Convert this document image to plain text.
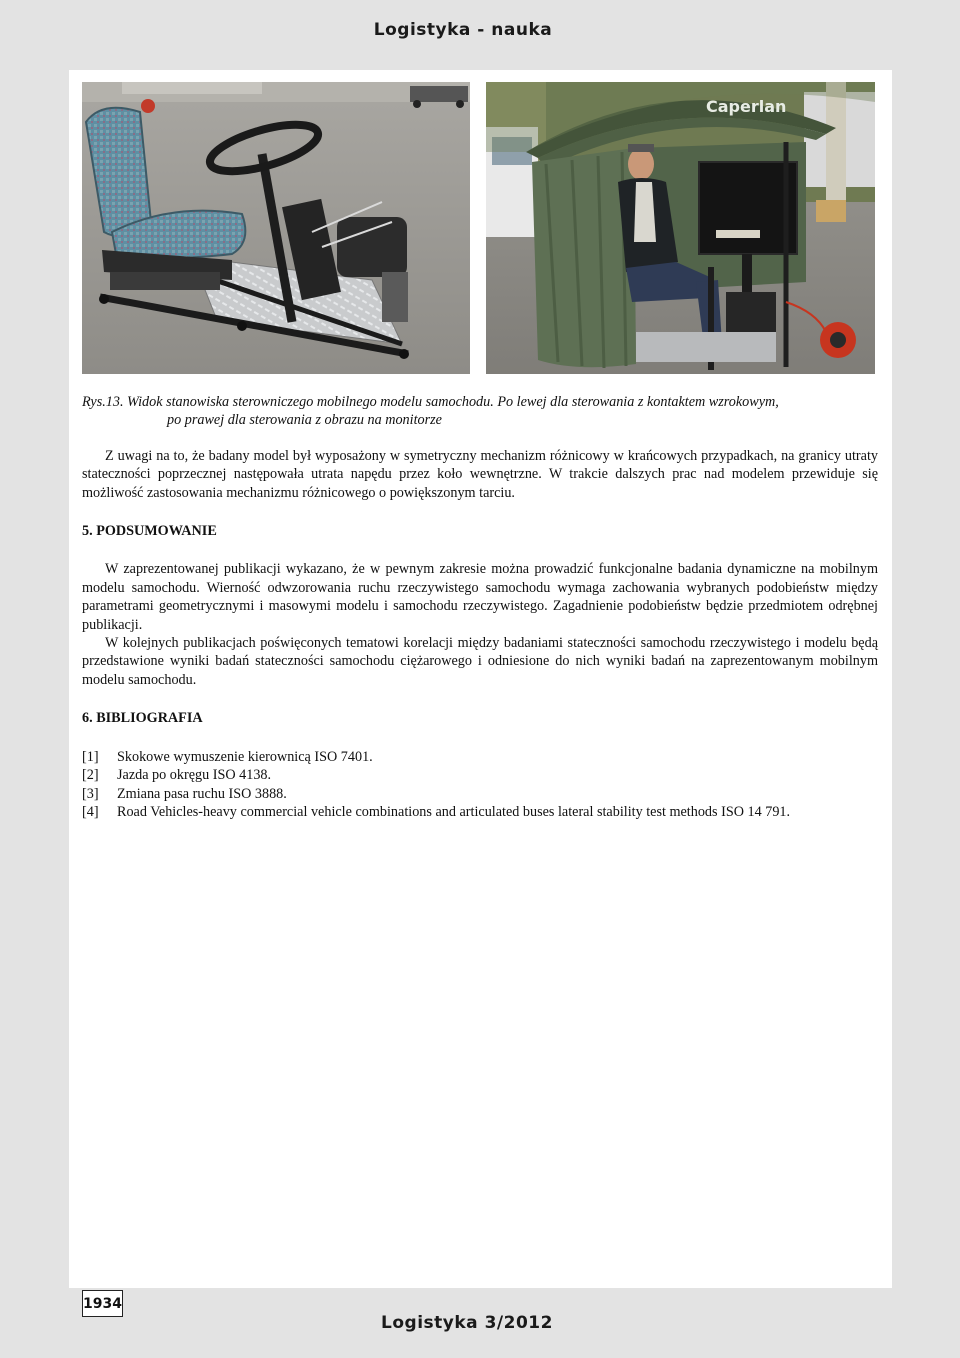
Logistyka - nauka
Caperlan

Rys.13. Widok stanowiska sterowniczego mobilnego modelu samochodu. Po lewej dla sterowania z kontaktem wzrokowym,
po prawej dla sterowania z obrazu na monitorze

Z uwagi na to, że badany model był wyposażony w symetryczny mechanizm różnicowy w krańcowych przypadkach, na granicy utraty stateczności poprzecznej następowała utrata napędu przez koło wewnętrzne. W trakcie dalszych prac nad modelem przewiduje się możliwość zastosowania mechanizmu różnicowego o powiększonym tarciu.

5. PODSUMOWANIE

W zaprezentowanej publikacji wykazano, że w pewnym zakresie można prowadzić funkcjonalne badania dynamiczne na mobilnym modelu samochodu. Wierność odwzorowania ruchu rzeczywistego samochodu wymaga zachowania wybranych podobieństw między parametrami geometrycznymi i masowymi modelu i samochodu rzeczywistego. Zagadnienie podobieństw będzie przedmiotem odrębnej publikacji.

W kolejnych publikacjach poświęconych tematowi korelacji między badaniami stateczności samochodu rzeczywistego i modelu będą przedstawione wyniki badań stateczności samochodu ciężarowego i odniesione do nich wyniki badań na zaprezentowanym mobilnym modelu samochodu.

6. BIBLIOGRAFIA

[1]	Skokowe wymuszenie kierownicą ISO 7401.
[2]	Jazda po okręgu ISO 4138.
[3]	Zmiana pasa ruchu ISO 3888.
[4]	Road Vehicles-heavy commercial vehicle combinations and articulated buses lateral stability test methods ISO 14 791.
1934
Logistyka 3/2012
